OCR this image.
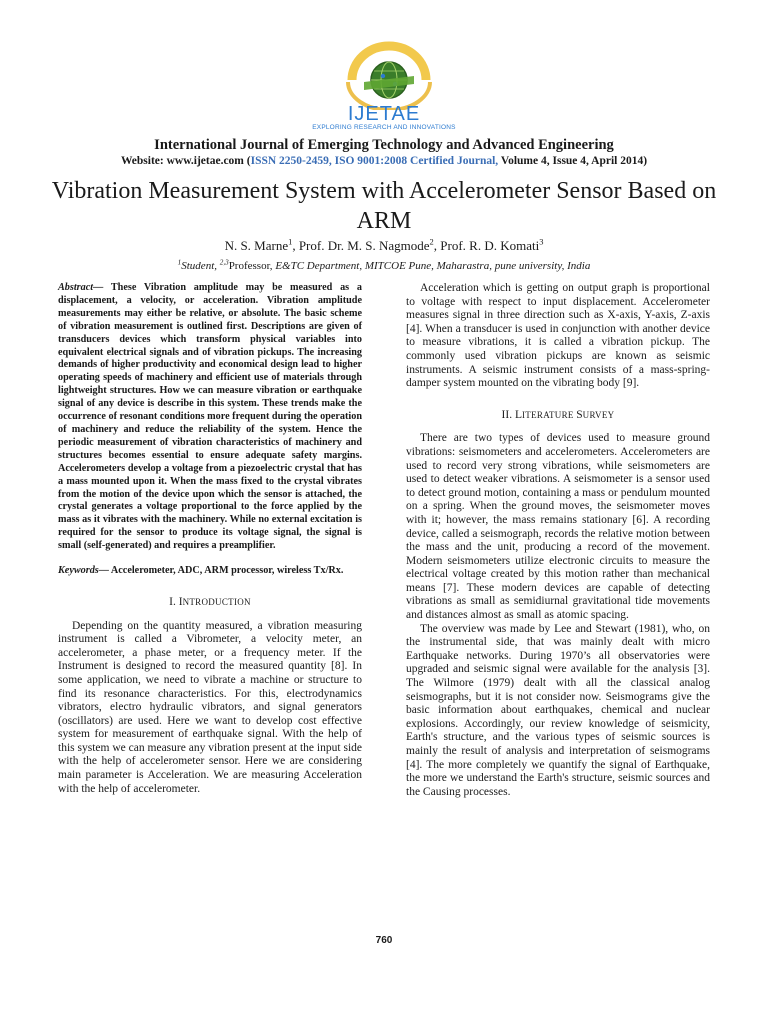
IJETAE
EXPLORING RESEARCH AND INNOVATIONS
International Journal of Emerging Technology and Advanced Engineering
Website: www.ijetae.com (ISSN 2250-2459, ISO 9001:2008 Certified Journal, Volume 4, Issue 4, April 2014)
Vibration Measurement System with Accelerometer Sensor Based on ARM
N. S. Marne$^1$, Prof. Dr. M. S. Nagmode$^2$, Prof. R. D. Komati$^3$
$^1$Student, $^{2,3}$Professor, E&TC Department, MITCOE Pune, Maharastra, pune university, India

Abstract— These Vibration amplitude may be measured as a displacement, a velocity, or acceleration. Vibration amplitude measurements may either be relative, or absolute. The basic scheme of vibration measurement is outlined first. Descriptions are given of transducers devices which transform physical variables into equivalent electrical signals and of vibration pickups. The increasing demands of higher productivity and economical design lead to higher operating speeds of machinery and efficient use of materials through lightweight structures. How we can measure vibration or earthquake signal of any device is describe in this system. These trends make the occurrence of resonant conditions more frequent during the operation of machinery and reduce the reliability of the system. Hence the periodic measurement of vibration characteristics of machinery and structures becomes essential to ensure adequate safety margins. Accelerometers develop a voltage from a piezoelectric crystal that has a mass mounted upon it. When the mass fixed to the crystal vibrates from the motion of the device upon which the sensor is attached, the crystal generates a voltage proportional to the force applied by the mass as it vibrates with the machinery. While no external excitation is required for the sensor to produce its voltage signal, the signal is small (self-generated) and requires a preamplifier.

Keywords— Accelerometer, ADC, ARM processor, wireless Tx/Rx.

I. INTRODUCTION

Depending on the quantity measured, a vibration measuring instrument is called a Vibrometer, a velocity meter, an accelerometer, a phase meter, or a frequency meter. If the Instrument is designed to record the measured quantity [8]. In some application, we need to vibrate a machine or structure to find its resonance characteristics. For this, electrodynamics vibrators, electro hydraulic vibrators, and signal generators (oscillators) are used. Here we want to develop cost effective system for measurement of earthquake signal. With the help of this system we can measure any vibration present at the input side with the help of accelerometer sensor. Here we are considering main parameter is Acceleration. We are measuring Acceleration with the help of accelerometer.

Acceleration which is getting on output graph is proportional to voltage with respect to input displacement. Accelerometer measures signal in three direction such as X-axis, Y-axis, Z-axis [4]. When a transducer is used in conjunction with another device to measure vibrations, it is called a vibration pickup. The commonly used vibration pickups are known as seismic instruments. A seismic instrument consists of a mass-spring-damper system mounted on the vibrating body [9].

II. LITERATURE SURVEY

There are two types of devices used to measure ground vibrations: seismometers and accelerometers. Accelerometers are used to record very strong vibrations, while seismometers are used to detect weaker vibrations. A seismometer is a sensor used to detect ground motion, containing a mass or pendulum mounted on a spring. When the ground moves, the seismometer moves with it; however, the mass remains stationary [6]. A recording device, called a seismograph, records the relative motion between the mass and the unit, producing a record of the movement. Modern seismometers utilize electronic circuits to measure the electrical voltage created by this motion rather than mechanical means [7]. These modern devices are capable of detecting vibrations as small as semidiurnal gravitational tide movements and distances almost as small as atomic spacing.

The overview was made by Lee and Stewart (1981), who, on the instrumental side, that was mainly dealt with micro Earthquake networks. During 1970’s all observatories were upgraded and seismic signal were available for the analysis [3]. The Wilmore (1979) dealt with all the classical analog seismographs, but it is not consider now. Seismograms give the basic information about earthquakes, chemical and nuclear explosions. Accordingly, our review knowledge of seismicity, Earth's structure, and the various types of seismic sources is mainly the result of analysis and interpretation of seismograms [4]. The more completely we quantify the signal of Earthquake, the more we understand the Earth's structure, seismic sources and the Causing processes.

760
